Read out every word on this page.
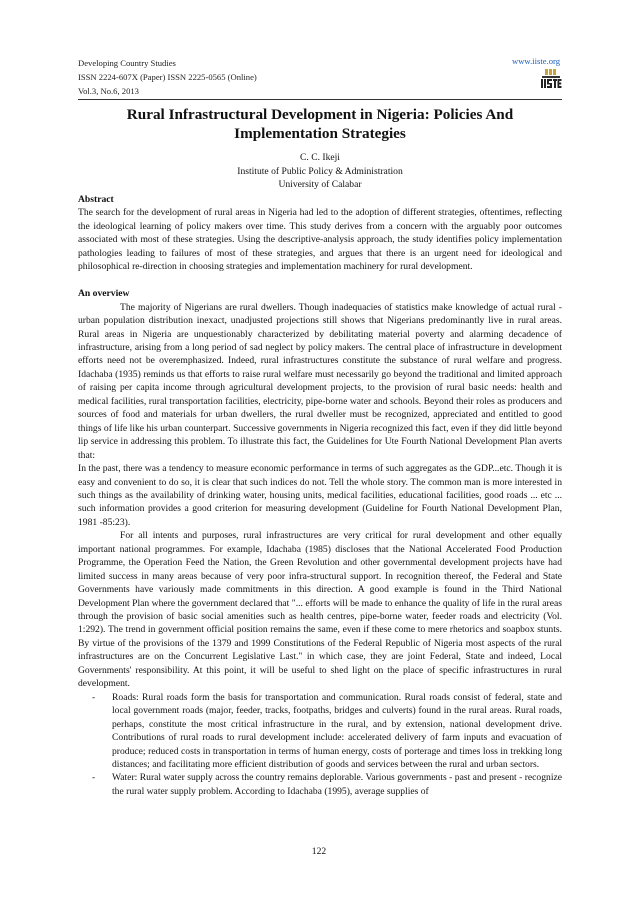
Developing Country Studies
ISSN 2224-607X (Paper) ISSN 2225-0565 (Online)
Vol.3, No.6, 2013
www.iiste.org
Rural Infrastructural Development in Nigeria: Policies And Implementation Strategies
C. C. Ikeji
Institute of Public Policy & Administration
University of Calabar
Abstract

The search for the development of rural areas in Nigeria had led to the adoption of different strategies, oftentimes, reflecting the ideological learning of policy makers over time. This study derives from a concern with the arguably poor outcomes associated with most of these strategies. Using the descriptive-analysis approach, the study identifies policy implementation pathologies leading to failures of most of these strategies, and argues that there is an urgent need for ideological and philosophical re-direction in choosing strategies and implementation machinery for rural development.

An overview

The majority of Nigerians are rural dwellers. Though inadequacies of statistics make knowledge of actual rural - urban population distribution inexact, unadjusted projections still shows that Nigerians predominantly live in rural areas. Rural areas in Nigeria are unquestionably characterized by debilitating material poverty and alarming decadence of infrastructure, arising from a long period of sad neglect by policy makers. The central place of infrastructure in development efforts need not be overemphasized. Indeed, rural infrastructures constitute the substance of rural welfare and progress. Idachaba (1935) reminds us that efforts to raise rural welfare must necessarily go beyond the traditional and limited approach of raising per capita income through agricultural development projects, to the provision of rural basic needs: health and medical facilities, rural transportation facilities, electricity, pipe-borne water and schools. Beyond their roles as producers and sources of food and materials for urban dwellers, the rural dweller must be recognized, appreciated and entitled to good things of life like his urban counterpart. Successive governments in Nigeria recognized this fact, even if they did little beyond lip service in addressing this problem. To illustrate this fact, the Guidelines for Ute Fourth National Development Plan averts that:

In the past, there was a tendency to measure economic performance in terms of such aggregates as the GDP...etc. Though it is easy and convenient to do so, it is clear that such indices do not. Tell the whole story. The common man is more interested in such things as the availability of drinking water, housing units, medical facilities, educational facilities, good roads ... etc ... such information provides a good criterion for measuring development (Guideline for Fourth National Development Plan, 1981 -85:23).

For all intents and purposes, rural infrastructures are very critical for rural development and other equally important national programmes. For example, Idachaba (1985) discloses that the National Accelerated Food Production Programme, the Operation Feed the Nation, the Green Revolution and other governmental development projects have had limited success in many areas because of very poor infra-structural support. In recognition thereof, the Federal and State Governments have variously made commitments in this direction. A good example is found in the Third National Development Plan where the government declared that "... efforts will be made to enhance the quality of life in the rural areas through the provision of basic social amenities such as health centres, pipe-borne water, feeder roads and electricity (Vol. 1:292). The trend in government official position remains the same, even if these come to mere rhetorics and soapbox stunts. By virtue of the provisions of the 1379 and 1999 Constitutions of the Federal Republic of Nigeria most aspects of the rural infrastructures are on the Concurrent Legislative Last." in which case, they are joint Federal, State and indeed, Local Governments' responsibility. At this point, it will be useful to shed light on the place of specific infrastructures in rural development.

- Roads: Rural roads form the basis for transportation and communication. Rural roads consist of federal, state and local government roads (major, feeder, tracks, footpaths, bridges and culverts) found in the rural areas. Rural roads, perhaps, constitute the most critical infrastructure in the rural, and by extension, national development drive. Contributions of rural roads to rural development include: accelerated delivery of farm inputs and evacuation of produce; reduced costs in transportation in terms of human energy, costs of porterage and times loss in trekking long distances; and facilitating more efficient distribution of goods and services between the rural and urban sectors.
- Water: Rural water supply across the country remains deplorable. Various governments - past and present - recognize the rural water supply problem. According to Idachaba (1995), average supplies of
122
